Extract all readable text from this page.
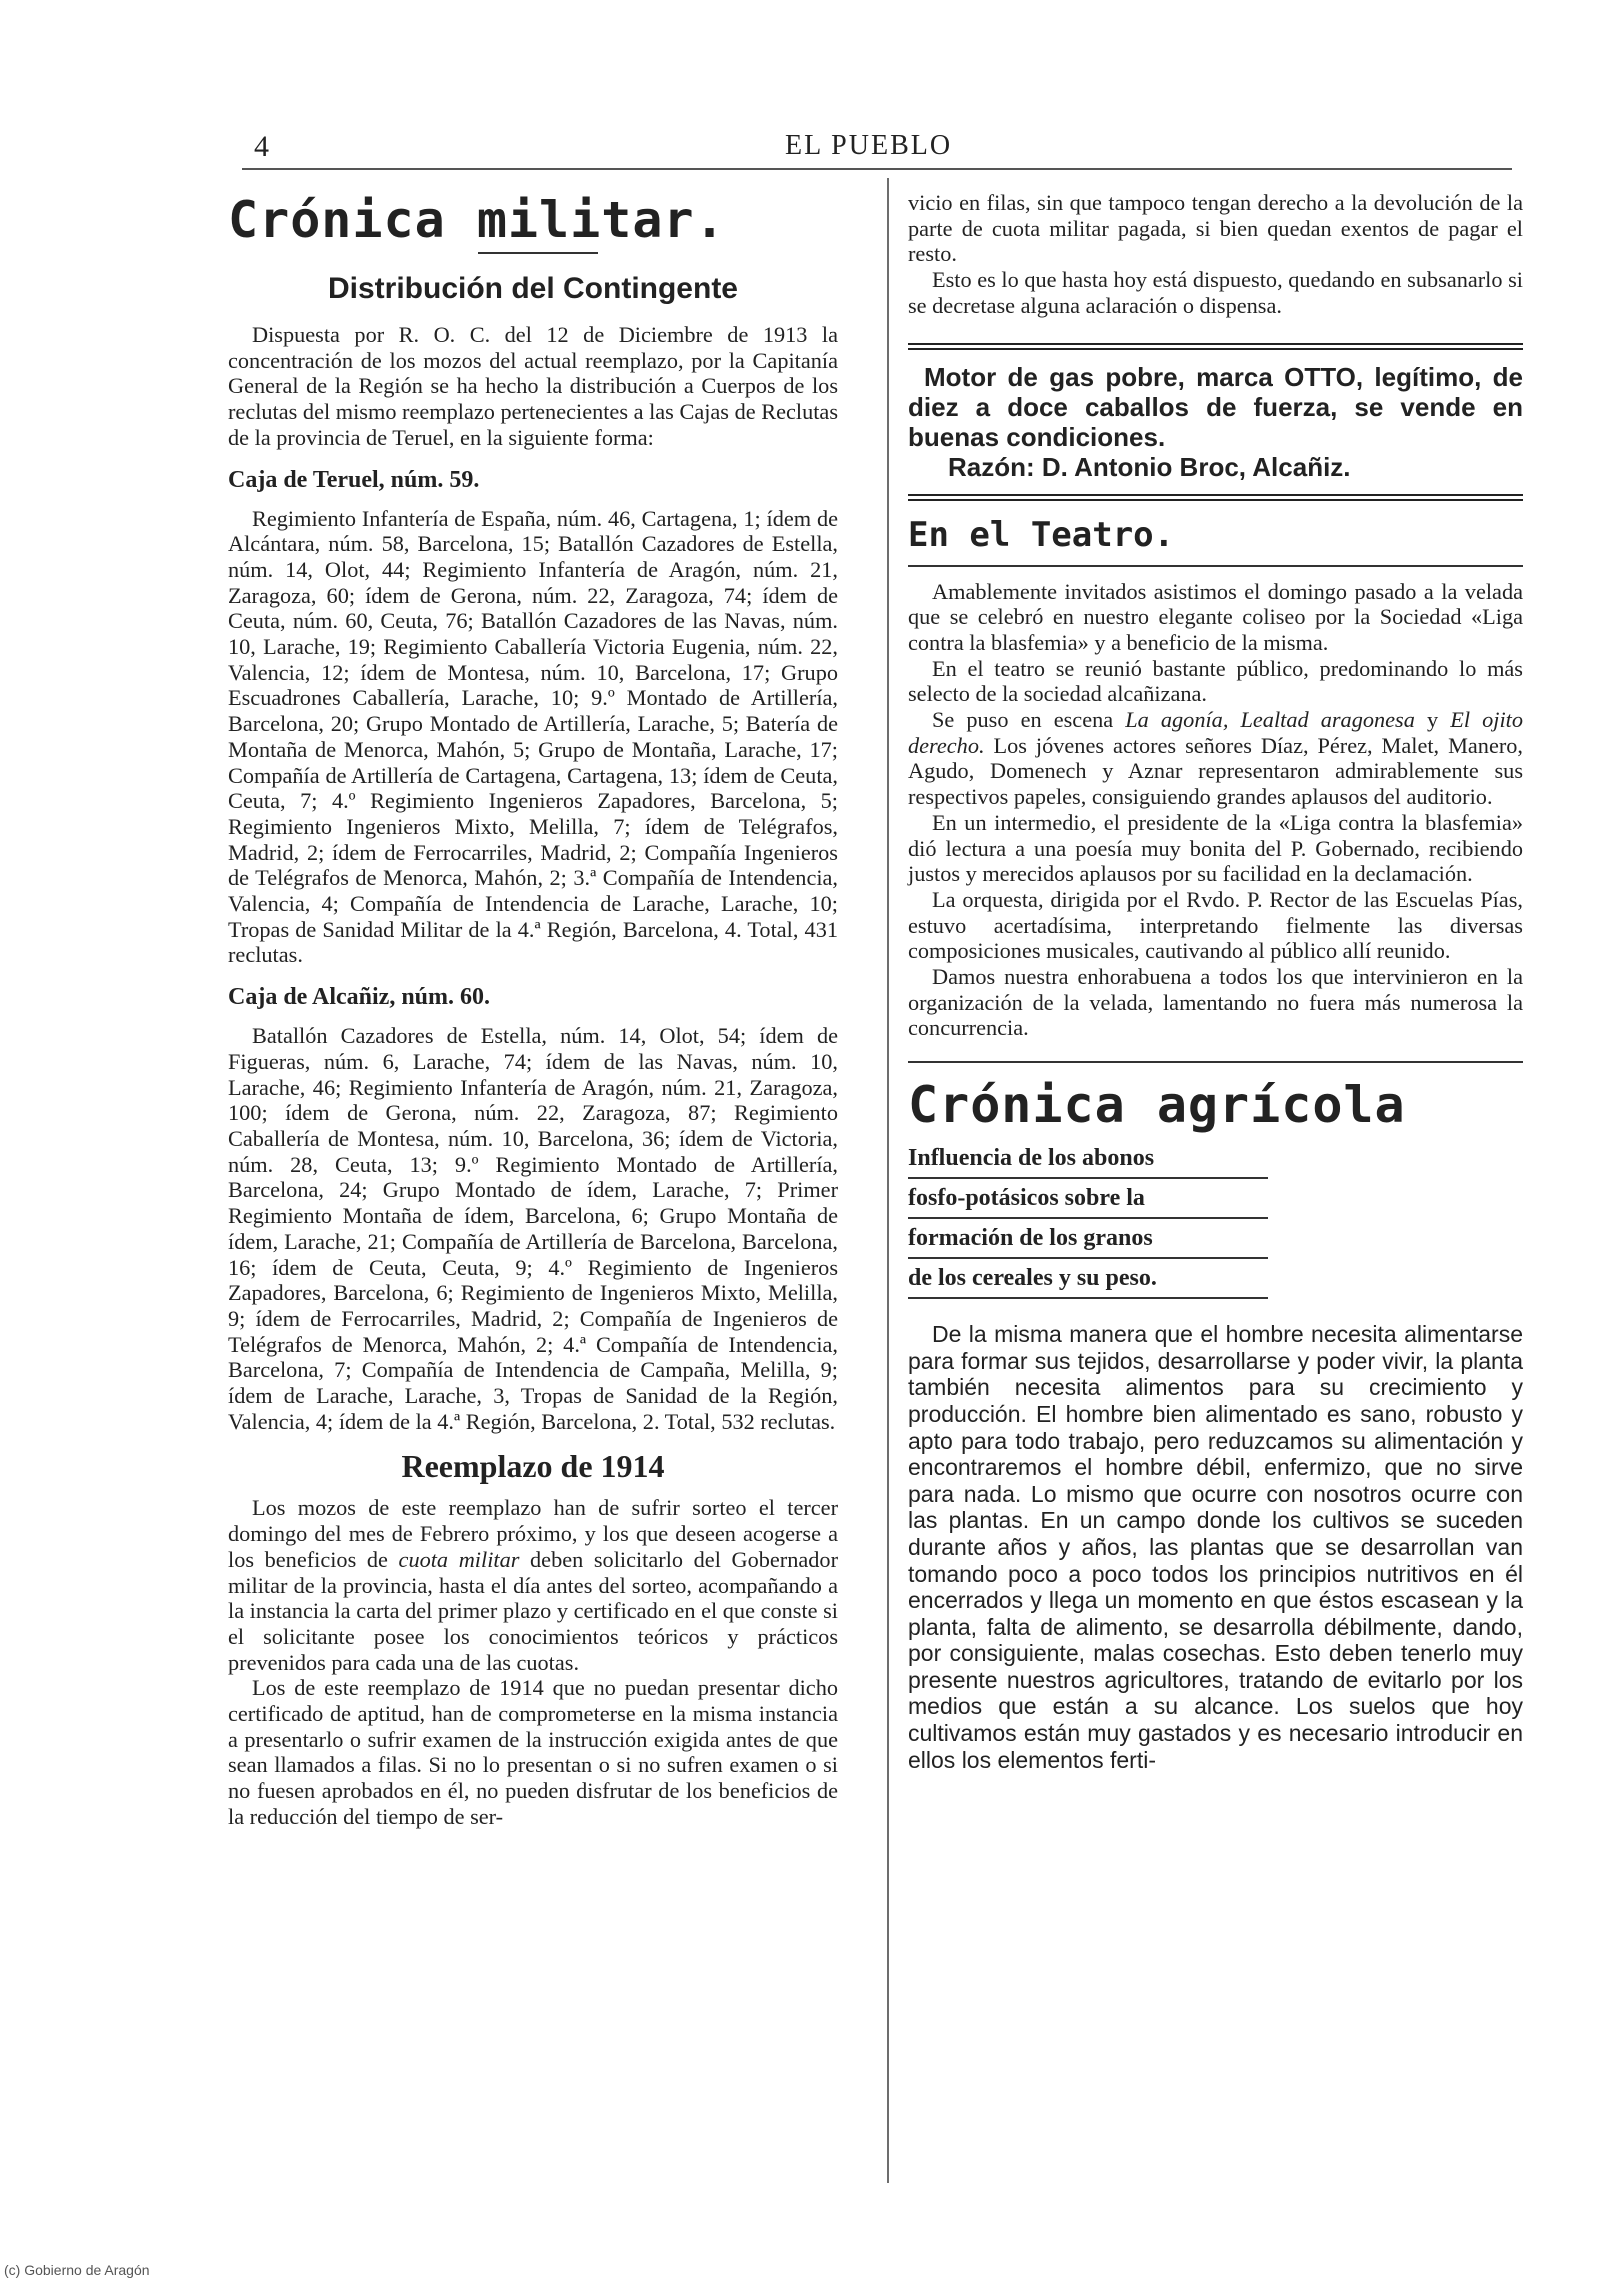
4	EL PUEBLO
Crónica militar.
Distribución del Contingente

Dispuesta por R. O. C. del 12 de Diciembre de 1913 la concentración de los mozos del actual reemplazo, por la Capitanía General de la Región se ha hecho la distribución a Cuerpos de los reclutas del mismo reemplazo pertenecientes a las Cajas de Reclutas de la provincia de Teruel, en la siguiente forma:

Caja de Teruel, núm. 59.

Regimiento Infantería de España, núm. 46, Cartagena, 1; ídem de Alcántara, núm. 58, Barcelona, 15; Batallón Cazadores de Estella, núm. 14, Olot, 44; Regimiento Infantería de Aragón, núm. 21, Zaragoza, 60; ídem de Gerona, núm. 22, Zaragoza, 74; ídem de Ceuta, núm. 60, Ceuta, 76; Batallón Cazadores de las Navas, núm. 10, Larache, 19; Regimiento Caballería Victoria Eugenia, núm. 22, Valencia, 12; ídem de Montesa, núm. 10, Barcelona, 17; Grupo Escuadrones Caballería, Larache, 10; 9.º Montado de Artillería, Barcelona, 20; Grupo Montado de Artillería, Larache, 5; Batería de Montaña de Menorca, Mahón, 5; Grupo de Montaña, Larache, 17; Compañía de Artillería de Cartagena, Cartagena, 13; ídem de Ceuta, Ceuta, 7; 4.º Regimiento Ingenieros Zapadores, Barcelona, 5; Regimiento Ingenieros Mixto, Melilla, 7; ídem de Telégrafos, Madrid, 2; ídem de Ferrocarriles, Madrid, 2; Compañía Ingenieros de Telégrafos de Menorca, Mahón, 2; 3.ª Compañía de Intendencia, Valencia, 4; Compañía de Intendencia de Larache, Larache, 10; Tropas de Sanidad Militar de la 4.ª Región, Barcelona, 4. Total, 431 reclutas.

Caja de Alcañiz, núm. 60.

Batallón Cazadores de Estella, núm. 14, Olot, 54; ídem de Figueras, núm. 6, Larache, 74; ídem de las Navas, núm. 10, Larache, 46; Regimiento Infantería de Aragón, núm. 21, Zaragoza, 100; ídem de Gerona, núm. 22, Zaragoza, 87; Regimiento Caballería de Montesa, núm. 10, Barcelona, 36; ídem de Victoria, núm. 28, Ceuta, 13; 9.º Regimiento Montado de Artillería, Barcelona, 24; Grupo Montado de ídem, Larache, 7; Primer Regimiento Montaña de ídem, Barcelona, 6; Grupo Montaña de ídem, Larache, 21; Compañía de Artillería de Barcelona, Barcelona, 16; ídem de Ceuta, Ceuta, 9; 4.º Regimiento de Ingenieros Zapadores, Barcelona, 6; Regimiento de Ingenieros Mixto, Melilla, 9; ídem de Ferrocarriles, Madrid, 2; Compañía de Ingenieros de Telégrafos de Menorca, Mahón, 2; 4.ª Compañía de Intendencia, Barcelona, 7; Compañía de Intendencia de Campaña, Melilla, 9; ídem de Larache, Larache, 3, Tropas de Sanidad de la Región, Valencia, 4; ídem de la 4.ª Región, Barcelona, 2. Total, 532 reclutas.

Reemplazo de 1914

Los mozos de este reemplazo han de sufrir sorteo el tercer domingo del mes de Febrero próximo, y los que deseen acogerse a los beneficios de cuota militar deben solicitarlo del Gobernador militar de la provincia, hasta el día antes del sorteo, acompañando a la instancia la carta del primer plazo y certificado en el que conste si el solicitante posee los conocimientos teóricos y prácticos prevenidos para cada una de las cuotas.

Los de este reemplazo de 1914 que no puedan presentar dicho certificado de aptitud, han de comprometerse en la misma instancia a presentarlo o sufrir examen de la instrucción exigida antes de que sean llamados a filas. Si no lo presentan o si no sufren examen o si no fuesen aprobados en él, no pueden disfrutar de los beneficios de la reducción del tiempo de ser-

vicio en filas, sin que tampoco tengan derecho a la devolución de la parte de cuota militar pagada, si bien quedan exentos de pagar el resto.

Esto es lo que hasta hoy está dispuesto, quedando en subsanarlo si se decretase alguna aclaración o dispensa.

Motor de gas pobre, marca OTTO, legítimo, de diez a doce caballos de fuerza, se vende en buenas condiciones.

Razón: D. Antonio Broc, Alcañiz.

En el Teatro.

Amablemente invitados asistimos el domingo pasado a la velada que se celebró en nuestro elegante coliseo por la Sociedad «Liga contra la blasfemia» y a beneficio de la misma.

En el teatro se reunió bastante público, predominando lo más selecto de la sociedad alcañizana.

Se puso en escena La agonía, Lealtad aragonesa y El ojito derecho. Los jóvenes actores señores Díaz, Pérez, Malet, Manero, Agudo, Domenech y Aznar representaron admirablemente sus respectivos papeles, consiguiendo grandes aplausos del auditorio.

En un intermedio, el presidente de la «Liga contra la blasfemia» dió lectura a una poesía muy bonita del P. Gobernado, recibiendo justos y merecidos aplausos por su facilidad en la declamación.

La orquesta, dirigida por el Rvdo. P. Rector de las Escuelas Pías, estuvo acertadísima, interpretando fielmente las diversas composiciones musicales, cautivando al público allí reunido.

Damos nuestra enhorabuena a todos los que intervinieron en la organización de la velada, lamentando no fuera más numerosa la concurrencia.

Crónica agrícola
Influencia de los abonos fosfo-potásicos sobre la formación de los granos de los cereales y su peso.

De la misma manera que el hombre necesita alimentarse para formar sus tejidos, desarrollarse y poder vivir, la planta también necesita alimentos para su crecimiento y producción. El hombre bien alimentado es sano, robusto y apto para todo trabajo, pero reduzcamos su alimentación y encontraremos el hombre débil, enfermizo, que no sirve para nada. Lo mismo que ocurre con nosotros ocurre con las plantas. En un campo donde los cultivos se suceden durante años y años, las plantas que se desarrollan van tomando poco a poco todos los principios nutritivos en él encerrados y llega un momento en que éstos escasean y la planta, falta de alimento, se desarrolla débilmente, dando, por consiguiente, malas cosechas. Esto deben tenerlo muy presente nuestros agricultores, tratando de evitarlo por los medios que están a su alcance. Los suelos que hoy cultivamos están muy gastados y es necesario introducir en ellos los elementos ferti-

(c) Gobierno de Aragón
